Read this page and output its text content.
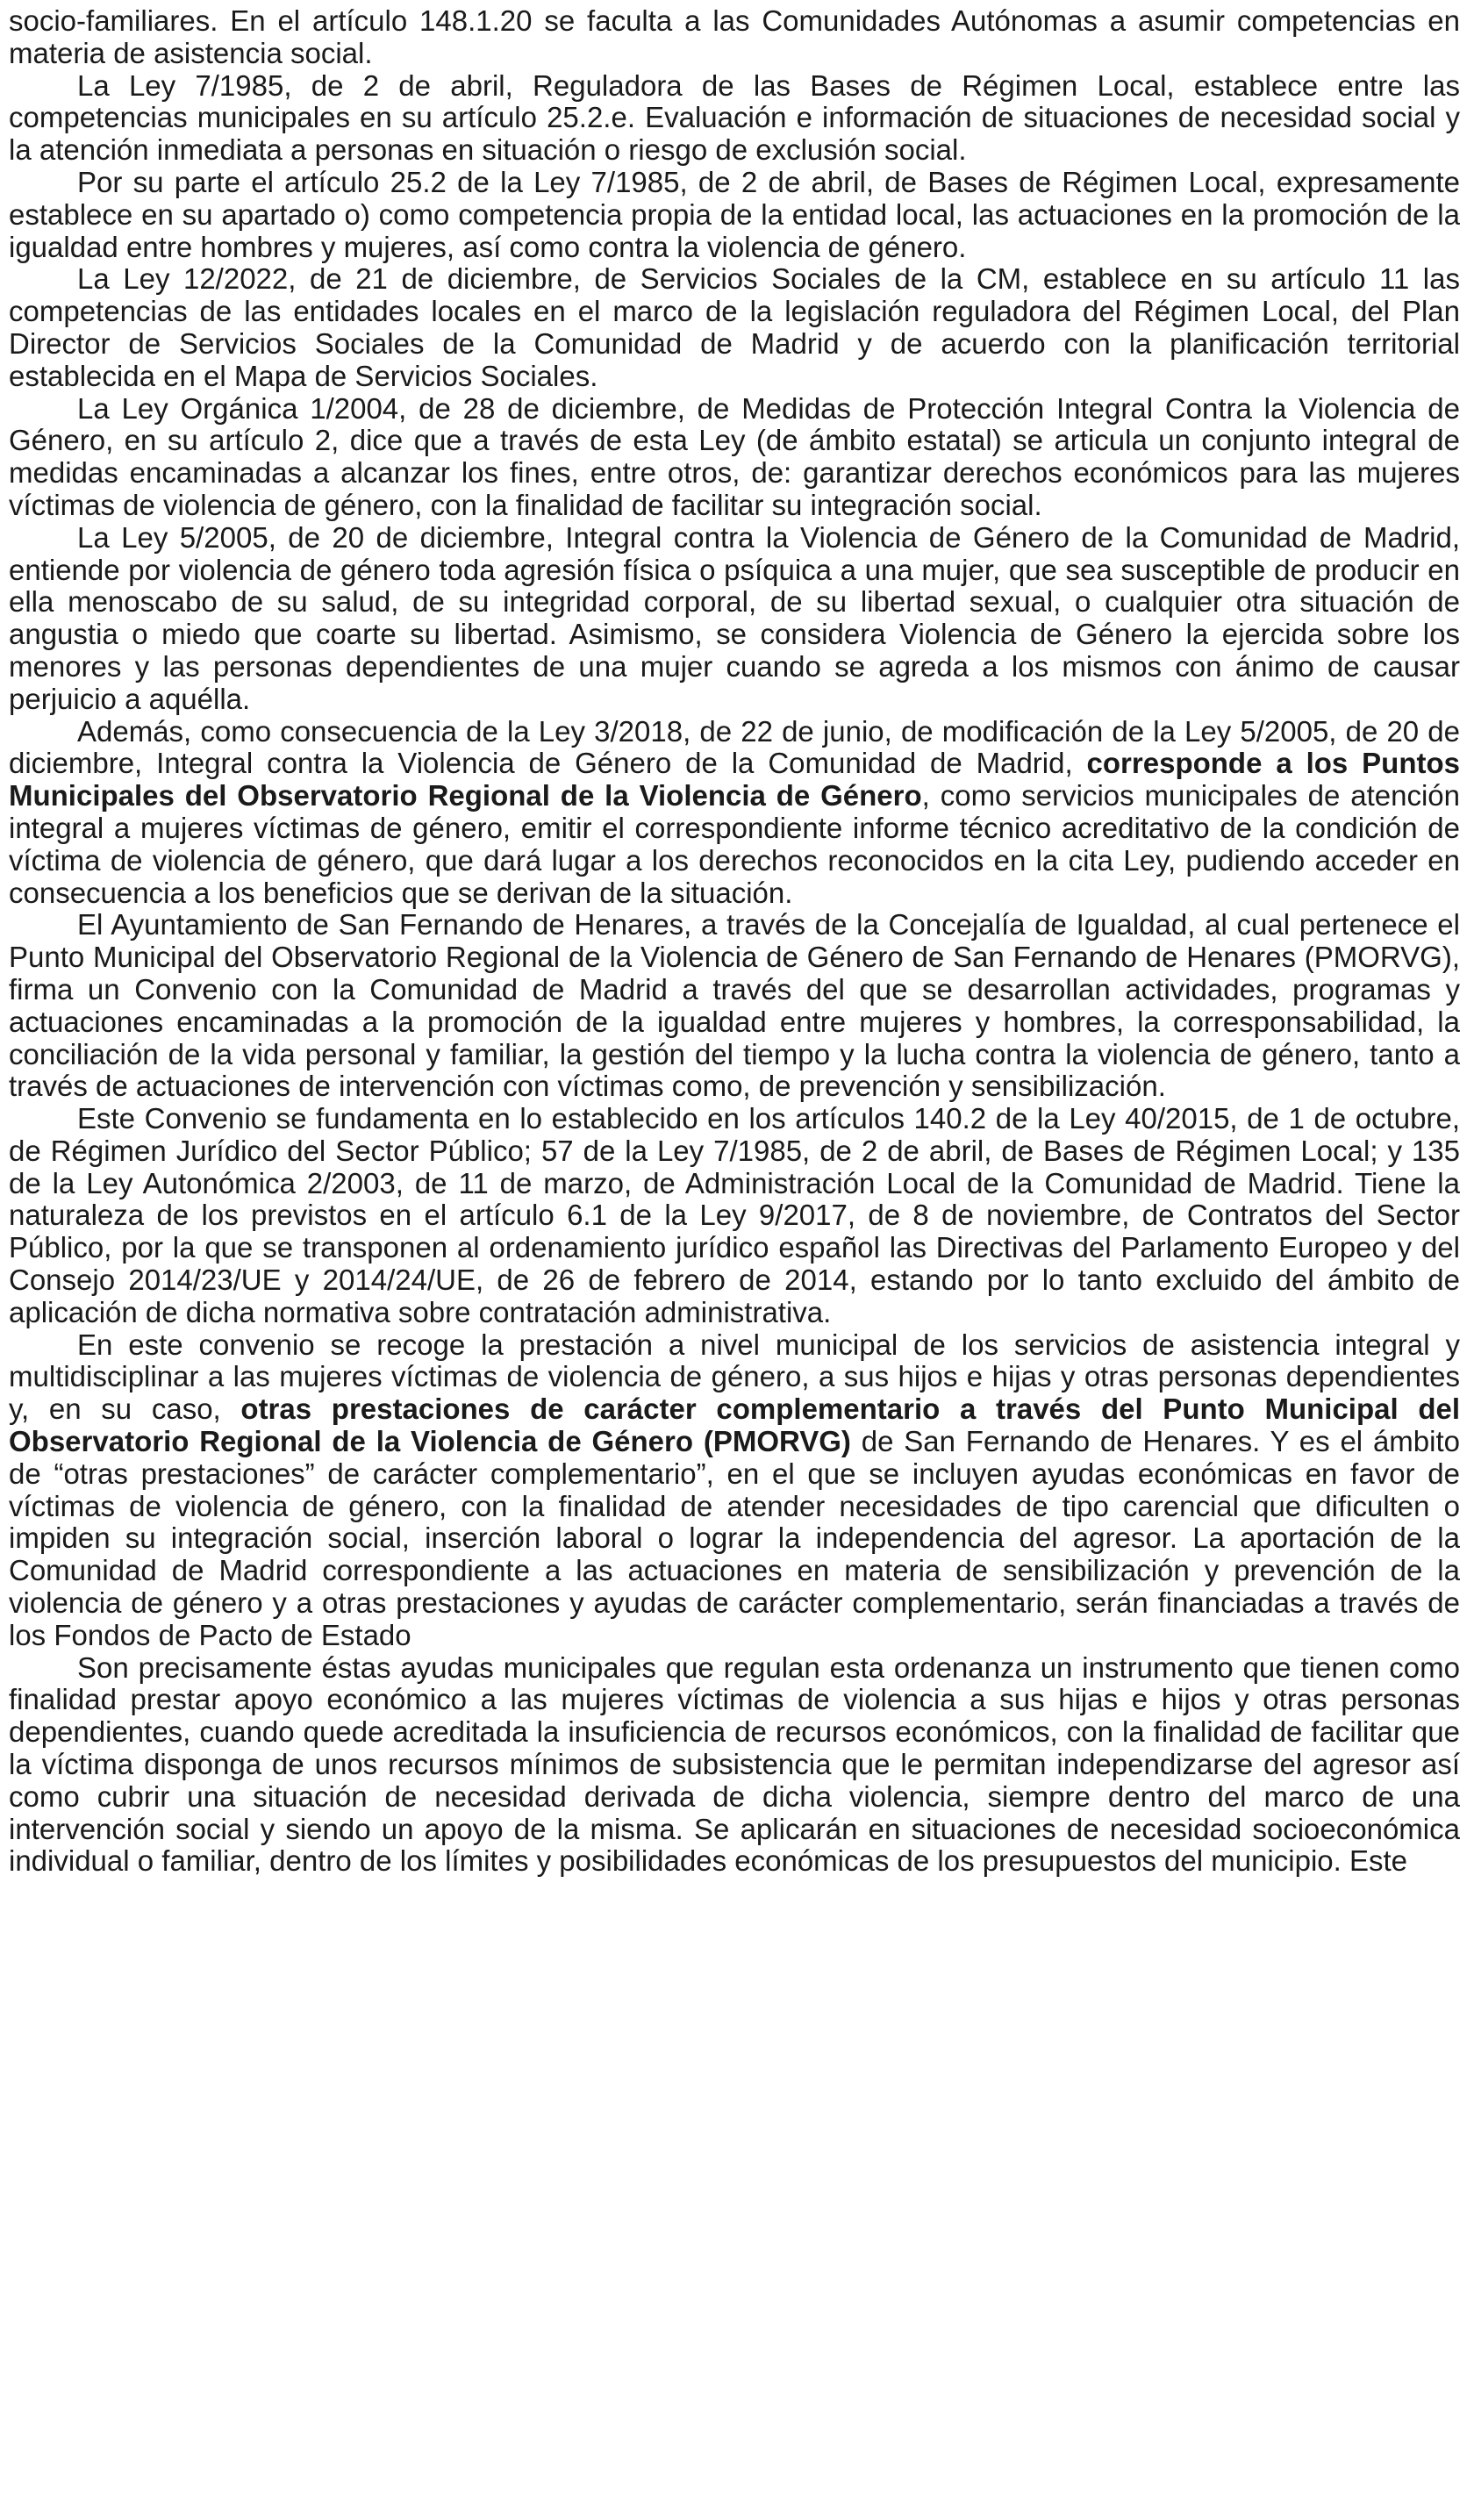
socio-familiares. En el artículo 148.1.20 se faculta a las Comunidades Autónomas a asumir competencias en materia de asistencia social.

La Ley 7/1985, de 2 de abril, Reguladora de las Bases de Régimen Local, establece entre las competencias municipales en su artículo 25.2.e. Evaluación e información de situaciones de necesidad social y la atención inmediata a personas en situación o riesgo de exclusión social.

Por su parte el artículo 25.2 de la Ley 7/1985, de 2 de abril, de Bases de Régimen Local, expresamente establece en su apartado o) como competencia propia de la entidad local, las actuaciones en la promoción de la igualdad entre hombres y mujeres, así como contra la violencia de género.

La Ley 12/2022, de 21 de diciembre, de Servicios Sociales de la CM, establece en su artículo 11 las competencias de las entidades locales en el marco de la legislación reguladora del Régimen Local, del Plan Director de Servicios Sociales de la Comunidad de Madrid y de acuerdo con la planificación territorial establecida en el Mapa de Servicios Sociales.

La Ley Orgánica 1/2004, de 28 de diciembre, de Medidas de Protección Integral Contra la Violencia de Género, en su artículo 2, dice que a través de esta Ley (de ámbito estatal) se articula un conjunto integral de medidas encaminadas a alcanzar los fines, entre otros, de: garantizar derechos económicos para las mujeres víctimas de violencia de género, con la finalidad de facilitar su integración social.

La Ley 5/2005, de 20 de diciembre, Integral contra la Violencia de Género de la Comunidad de Madrid, entiende por violencia de género toda agresión física o psíquica a una mujer, que sea susceptible de producir en ella menoscabo de su salud, de su integridad corporal, de su libertad sexual, o cualquier otra situación de angustia o miedo que coarte su libertad. Asimismo, se considera Violencia de Género la ejercida sobre los menores y las personas dependientes de una mujer cuando se agreda a los mismos con ánimo de causar perjuicio a aquélla.

Además, como consecuencia de la Ley 3/2018, de 22 de junio, de modificación de la Ley 5/2005, de 20 de diciembre, Integral contra la Violencia de Género de la Comunidad de Madrid, corresponde a los Puntos Municipales del Observatorio Regional de la Violencia de Género, como servicios municipales de atención integral a mujeres víctimas de género, emitir el correspondiente informe técnico acreditativo de la condición de víctima de violencia de género, que dará lugar a los derechos reconocidos en la cita Ley, pudiendo acceder en consecuencia a los beneficios que se derivan de la situación.

El Ayuntamiento de San Fernando de Henares, a través de la Concejalía de Igualdad, al cual pertenece el Punto Municipal del Observatorio Regional de la Violencia de Género de San Fernando de Henares (PMORVG), firma un Convenio con la Comunidad de Madrid a través del que se desarrollan actividades, programas y actuaciones encaminadas a la promoción de la igualdad entre mujeres y hombres, la corresponsabilidad, la conciliación de la vida personal y familiar, la gestión del tiempo y la lucha contra la violencia de género, tanto a través de actuaciones de intervención con víctimas como, de prevención y sensibilización.

Este Convenio se fundamenta en lo establecido en los artículos 140.2 de la Ley 40/2015, de 1 de octubre, de Régimen Jurídico del Sector Público; 57 de la Ley 7/1985, de 2 de abril, de Bases de Régimen Local; y 135 de la Ley Autonómica 2/2003, de 11 de marzo, de Administración Local de la Comunidad de Madrid. Tiene la naturaleza de los previstos en el artículo 6.1 de la Ley 9/2017, de 8 de noviembre, de Contratos del Sector Público, por la que se transponen al ordenamiento jurídico español las Directivas del Parlamento Europeo y del Consejo 2014/23/UE y 2014/24/UE, de 26 de febrero de 2014, estando por lo tanto excluido del ámbito de aplicación de dicha normativa sobre contratación administrativa.

En este convenio se recoge la prestación a nivel municipal de los servicios de asistencia integral y multidisciplinar a las mujeres víctimas de violencia de género, a sus hijos e hijas y otras personas dependientes y, en su caso, otras prestaciones de carácter complementario a través del Punto Municipal del Observatorio Regional de la Violencia de Género (PMORVG) de San Fernando de Henares. Y es el ámbito de “otras prestaciones” de carácter complementario”, en el que se incluyen ayudas económicas en favor de víctimas de violencia de género, con la finalidad de atender necesidades de tipo carencial que dificulten o impiden su integración social, inserción laboral o lograr la independencia del agresor. La aportación de la Comunidad de Madrid correspondiente a las actuaciones en materia de sensibilización y prevención de la violencia de género y a otras prestaciones y ayudas de carácter complementario, serán financiadas a través de los Fondos de Pacto de Estado

Son precisamente éstas ayudas municipales que regulan esta ordenanza un instrumento que tienen como finalidad prestar apoyo económico a las mujeres víctimas de violencia a sus hijas e hijos y otras personas dependientes, cuando quede acreditada la insuficiencia de recursos económicos, con la finalidad de facilitar que la víctima disponga de unos recursos mínimos de subsistencia que le permitan independizarse del agresor así como cubrir una situación de necesidad derivada de dicha violencia, siempre dentro del marco de una intervención social y siendo un apoyo de la misma. Se aplicarán en situaciones de necesidad socioeconómica individual o familiar, dentro de los límites y posibilidades económicas de los presupuestos del municipio. Este
